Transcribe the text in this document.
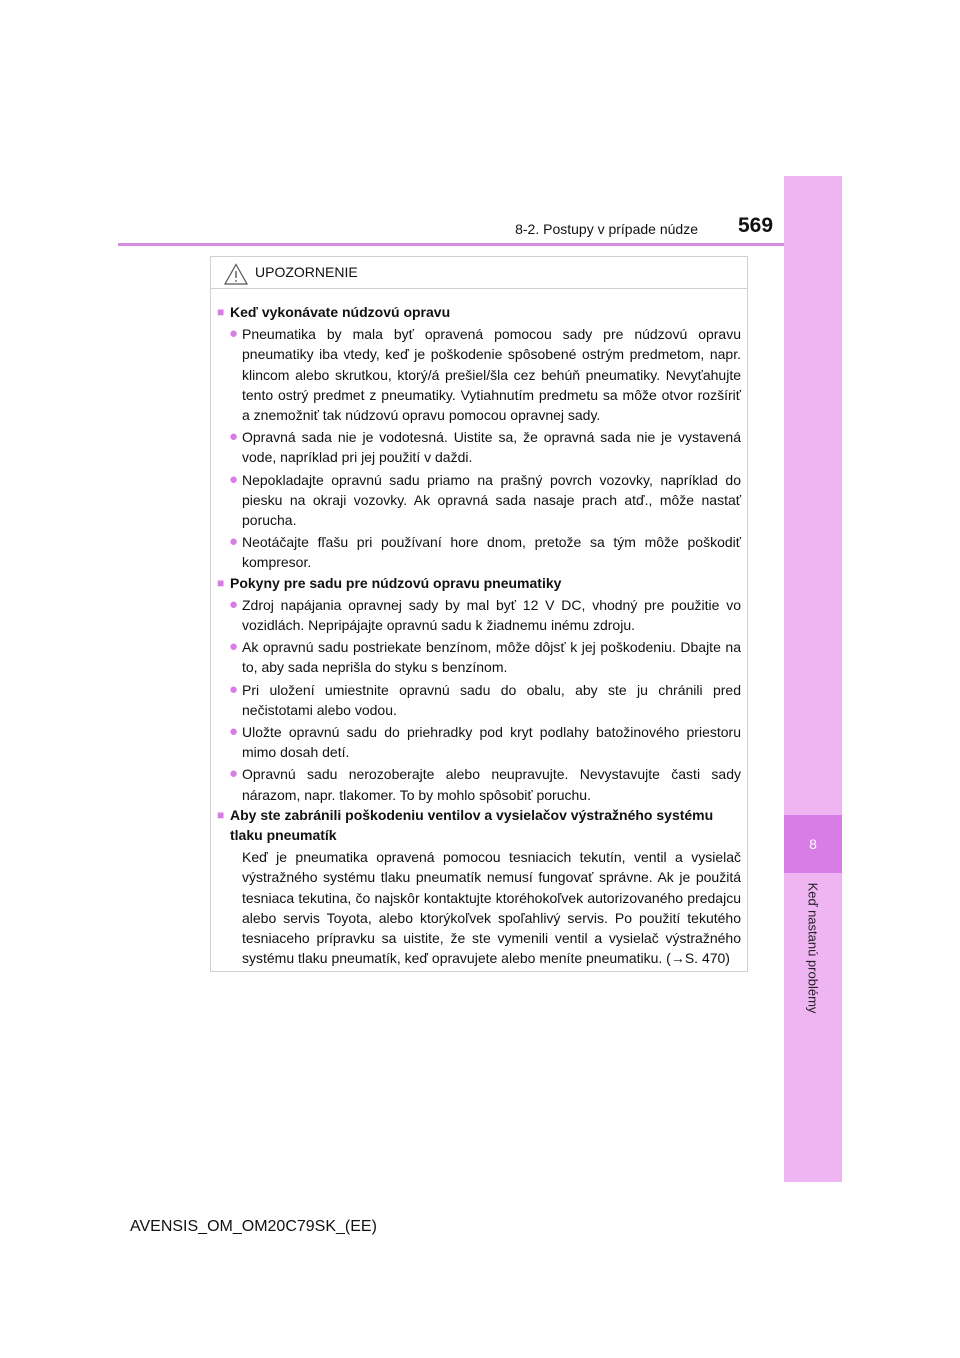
8
Keď nastanú problémy
8-2. Postupy v prípade núdze 569
UPOZORNENIE
■ Keď vykonávate núdzovú opravu
● Pneumatika by mala byť opravená pomocou sady pre núdzovú opravu pneumatiky iba vtedy, keď je poškodenie spôsobené ostrým predmetom, napr. klincom alebo skrutkou, ktorý/á prešiel/šla cez behúň pneumatiky. Nevyťahujte tento ostrý predmet z pneumatiky. Vytiahnutím predmetu sa môže otvor rozšíriť a znemožniť tak núdzovú opravu pomocou opravnej sady.
● Opravná sada nie je vodotesná. Uistite sa, že opravná sada nie je vystavená vode, napríklad pri jej použití v daždi.
● Nepokladajte opravnú sadu priamo na prašný povrch vozovky, napríklad do piesku na okraji vozovky. Ak opravná sada nasaje prach atď., môže nastať porucha.
● Neotáčajte fľašu pri používaní hore dnom, pretože sa tým môže poškodiť kompresor.
■ Pokyny pre sadu pre núdzovú opravu pneumatiky
● Zdroj napájania opravnej sady by mal byť 12 V DC, vhodný pre použitie vo vozidlách. Nepripájajte opravnú sadu k žiadnemu inému zdroju.
● Ak opravnú sadu postriekate benzínom, môže dôjsť k jej poškodeniu. Dbajte na to, aby sada neprišla do styku s benzínom.
● Pri uložení umiestnite opravnú sadu do obalu, aby ste ju chránili pred nečistotami alebo vodou.
● Uložte opravnú sadu do priehradky pod kryt podlahy batožinového priestoru mimo dosah detí.
● Opravnú sadu nerozoberajte alebo neupravujte. Nevystavujte časti sady nárazom, napr. tlakomer. To by mohlo spôsobiť poruchu.
■ Aby ste zabránili poškodeniu ventilov a vysielačov výstražného systému tlaku pneumatík
Keď je pneumatika opravená pomocou tesniacich tekutín, ventil a vysielač výstražného systému tlaku pneumatík nemusí fungovať správne. Ak je použitá tesniaca tekutina, čo najskôr kontaktujte ktoréhokoľvek autorizovaného predajcu alebo servis Toyota, alebo ktorýkoľvek spoľahlivý servis. Po použití tekutého tesniaceho prípravku sa uistite, že ste vymenili ventil a vysielač výstražného systému tlaku pneumatík, keď opravujete alebo meníte pneumatiku. (→S. 470)
AVENSIS_OM_OM20C79SK_(EE)
